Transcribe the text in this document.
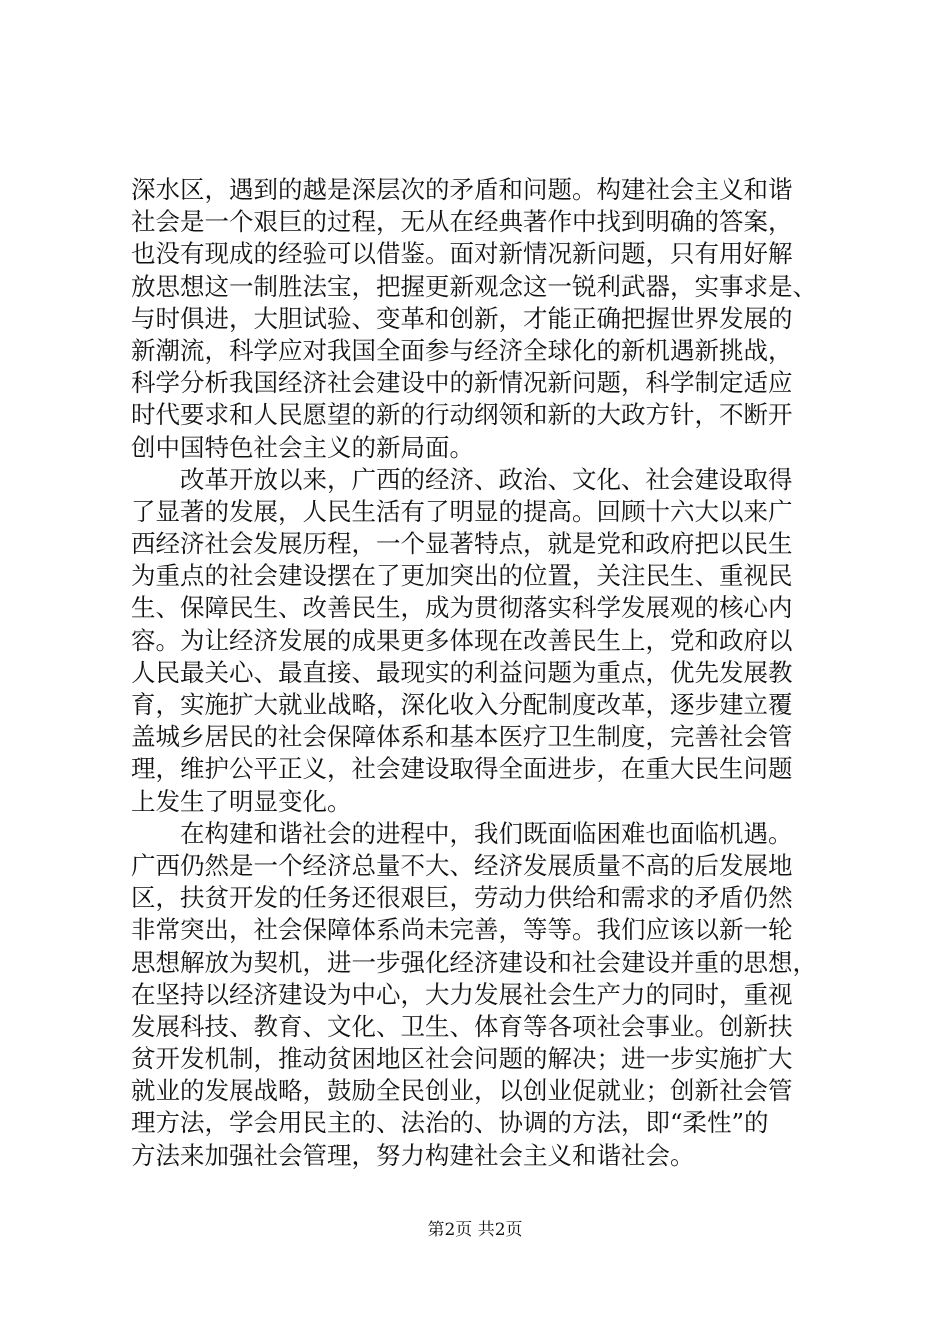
深水区，遇到的越是深层次的矛盾和问题。构建社会主义和谐
社会是一个艰巨的过程，无从在经典著作中找到明确的答案，
也没有现成的经验可以借鉴。面对新情况新问题，只有用好解
放思想这一制胜法宝，把握更新观念这一锐利武器，实事求是、
与时俱进，大胆试验、变革和创新，才能正确把握世界发展的
新潮流，科学应对我国全面参与经济全球化的新机遇新挑战，
科学分析我国经济社会建设中的新情况新问题，科学制定适应
时代要求和人民愿望的新的行动纲领和新的大政方针，不断开
创中国特色社会主义的新局面。
改革开放以来，广西的经济、政治、文化、社会建设取得
了显著的发展，人民生活有了明显的提高。回顾十六大以来广
西经济社会发展历程，一个显著特点，就是党和政府把以民生
为重点的社会建设摆在了更加突出的位置，关注民生、重视民
生、保障民生、改善民生，成为贯彻落实科学发展观的核心内
容。为让经济发展的成果更多体现在改善民生上，党和政府以
人民最关心、最直接、最现实的利益问题为重点，优先发展教
育，实施扩大就业战略，深化收入分配制度改革，逐步建立覆
盖城乡居民的社会保障体系和基本医疗卫生制度，完善社会管
理，维护公平正义，社会建设取得全面进步，在重大民生问题
上发生了明显变化。
在构建和谐社会的进程中，我们既面临困难也面临机遇。
广西仍然是一个经济总量不大、经济发展质量不高的后发展地
区，扶贫开发的任务还很艰巨，劳动力供给和需求的矛盾仍然
非常突出，社会保障体系尚未完善，等等。我们应该以新一轮
思想解放为契机，进一步强化经济建设和社会建设并重的思想，
在坚持以经济建设为中心，大力发展社会生产力的同时，重视
发展科技、教育、文化、卫生、体育等各项社会事业。创新扶
贫开发机制，推动贫困地区社会问题的解决；进一步实施扩大
就业的发展战略，鼓励全民创业，以创业促就业；创新社会管
理方法，学会用民主的、法治的、协调的方法，即“柔性”的
方法来加强社会管理，努力构建社会主义和谐社会。
第2页 共2页
